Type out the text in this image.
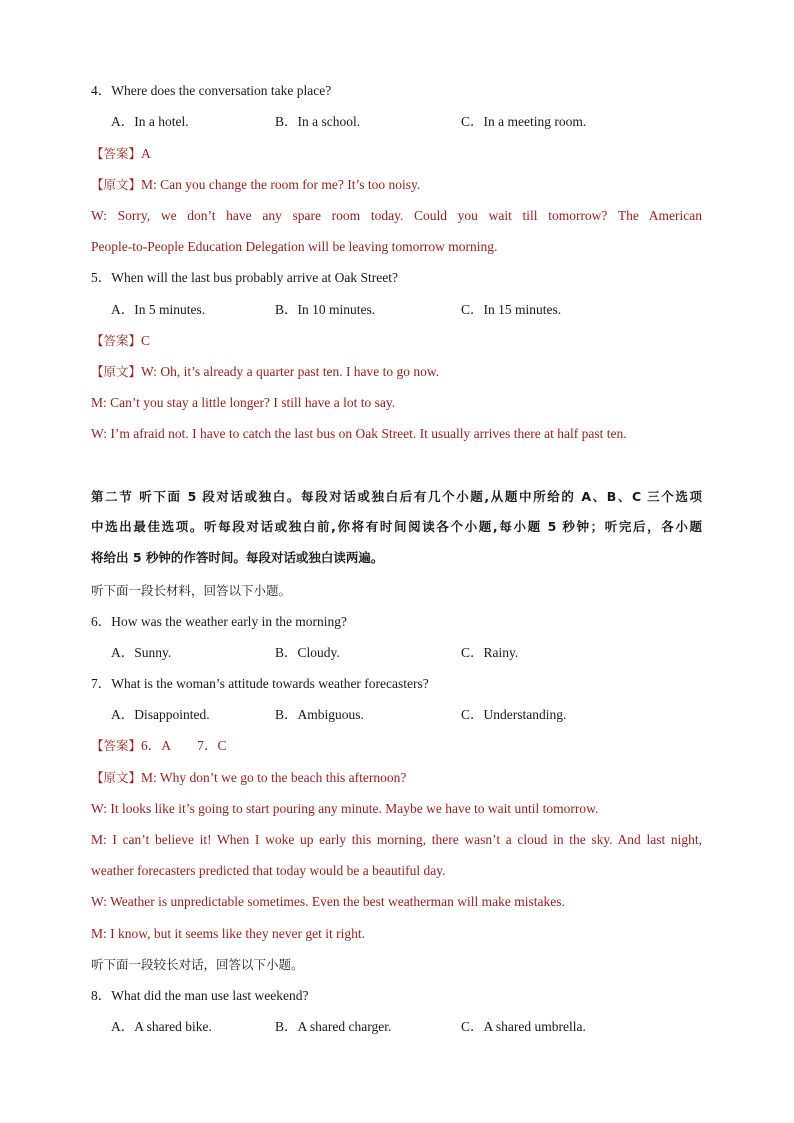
4．Where does the conversation take place?
A．In a hotel.	B．In a school.	C．In a meeting room.
【答案】A
【原文】M: Can you change the room for me? It’s too noisy.
W: Sorry, we don’t have any spare room today. Could you wait till tomorrow? The American
People-to-People Education Delegation will be leaving tomorrow morning.
5．When will the last bus probably arrive at Oak Street?
A．In 5 minutes.	B．In 10 minutes.	C．In 15 minutes.
【答案】C
【原文】W: Oh, it’s already a quarter past ten. I have to go now.
M: Can’t you stay a little longer? I still have a lot to say.
W: I’m afraid not. I have to catch the last bus on Oak Street. It usually arrives there at half past ten.
第二节 听下面 5 段对话或独白。每段对话或独白后有几个小题,从题中所给的 A、B、C 三个选项
中选出最佳选项。听每段对话或独白前,你将有时间阅读各个小题,每小题 5 秒钟；听完后，各小题
将给出 5 秒钟的作答时间。每段对话或独白读两遍。
听下面一段长材料，回答以下小题。
6．How was the weather early in the morning?
A．Sunny.	B．Cloudy.	C．Rainy.
7．What is the woman’s attitude towards weather forecasters?
A．Disappointed.	B．Ambiguous.	C．Understanding.
【答案】6．A　　7．C
【原文】M: Why don’t we go to the beach this afternoon?
W: It looks like it’s going to start pouring any minute. Maybe we have to wait until tomorrow.
M: I can’t believe it! When I woke up early this morning, there wasn’t a cloud in the sky. And last night,
weather forecasters predicted that today would be a beautiful day.
W: Weather is unpredictable sometimes. Even the best weatherman will make mistakes.
M: I know, but it seems like they never get it right.
听下面一段较长对话，回答以下小题。
8．What did the man use last weekend?
A．A shared bike.	B．A shared charger.	C．A shared umbrella.
